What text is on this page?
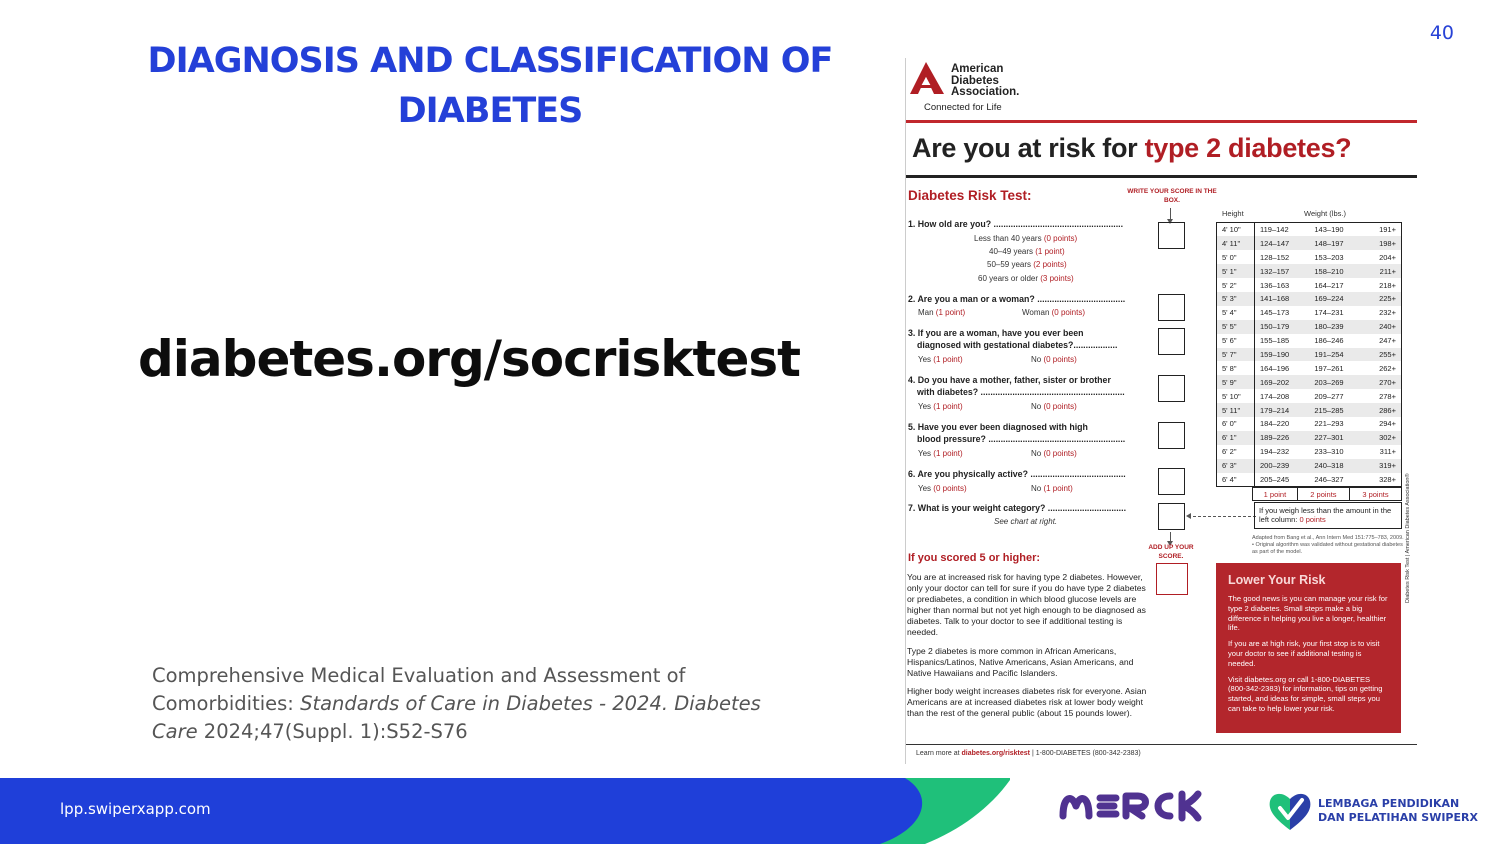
40
DIAGNOSIS AND CLASSIFICATION OF DIABETES
diabetes.org/socrisktest
Comprehensive Medical Evaluation and Assessment of Comorbidities: Standards of Care in Diabetes - 2024. Diabetes Care 2024;47(Suppl. 1):S52-S76
American
Diabetes
Association.
Connected for Life
Are you at risk for type 2 diabetes?
Diabetes Risk Test:	WRITE YOUR SCORE IN THE BOX.
1. How old are you? .....................................................
Less than 40 years (0 points)
40–49 years (1 point)
50–59 years (2 points)
60 years or older (3 points)
2. Are you a man or a woman? ....................................
Man (1 point)	Woman (0 points)
3. If you are a woman, have you ever been
diagnosed with gestational diabetes?..................
Yes (1 point)	No (0 points)
4. Do you have a mother, father, sister or brother
with diabetes? ...........................................................
Yes (1 point)	No (0 points)
5. Have you ever been diagnosed with high
blood pressure? ........................................................
Yes (1 point)	No (0 points)
6. Are you physically active? .......................................
Yes (0 points)	No (1 point)
7. What is your weight category? ................................
See chart at right.
ADD UP YOUR SCORE.
Height	Weight (lbs.)
4' 10"	119–142	143–190	191+
4' 11"	124–147	148–197	198+
5' 0"	128–152	153–203	204+
5' 1"	132–157	158–210	211+
5' 2"	136–163	164–217	218+
5' 3"	141–168	169–224	225+
5' 4"	145–173	174–231	232+
5' 5"	150–179	180–239	240+
5' 6"	155–185	186–246	247+
5' 7"	159–190	191–254	255+
5' 8"	164–196	197–261	262+
5' 9"	169–202	203–269	270+
5' 10"	174–208	209–277	278+
5' 11"	179–214	215–285	286+
6' 0"	184–220	221–293	294+
6' 1"	189–226	227–301	302+
6' 2"	194–232	233–310	311+
6' 3"	200–239	240–318	319+
6' 4"	205–245	246–327	328+
1 point	2 points	3 points
If you weigh less than the amount in the left column: 0 points
Adapted from Bang et al., Ann Intern Med 151:775–783, 2009. • Original algorithm was validated without gestational diabetes as part of the model.
If you scored 5 or higher:
You are at increased risk for having type 2 diabetes. However, only your doctor can tell for sure if you do have type 2 diabetes or prediabetes, a condition in which blood glucose levels are higher than normal but not yet high enough to be diagnosed as diabetes. Talk to your doctor to see if additional testing is needed.
Type 2 diabetes is more common in African Americans, Hispanics/Latinos, Native Americans, Asian Americans, and Native Hawaiians and Pacific Islanders.
Higher body weight increases diabetes risk for everyone. Asian Americans are at increased diabetes risk at lower body weight than the rest of the general public (about 15 pounds lower).
Lower Your Risk
The good news is you can manage your risk for type 2 diabetes. Small steps make a big difference in helping you live a longer, healthier life.
If you are at high risk, your first stop is to visit your doctor to see if additional testing is needed.
Visit diabetes.org or call 1-800-DIABETES (800-342-2383) for information, tips on getting started, and ideas for simple, small steps you can take to help lower your risk.
Diabetes Risk Test | American Diabetes Association®
Learn more at diabetes.org/risktest | 1-800-DIABETES (800-342-2383)
lpp.swiperxapp.com	LEMBAGA PENDIDIKAN
DAN PELATIHAN SWIPERX
